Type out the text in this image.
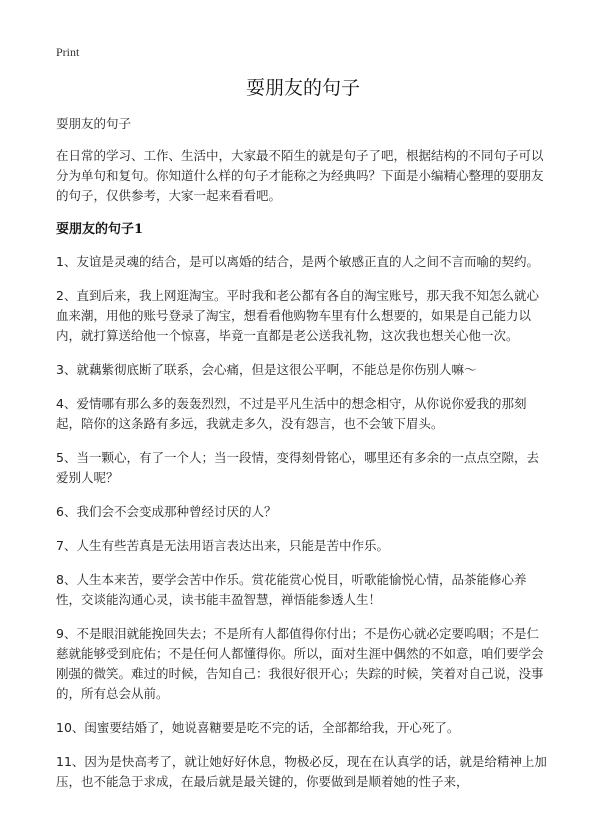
Print
耍朋友的句子
耍朋友的句子
在日常的学习、工作、生活中，大家最不陌生的就是句子了吧，根据结构的不同句子可以分为单句和复句。你知道什么样的句子才能称之为经典吗？下面是小编精心整理的耍朋友的句子，仅供参考，大家一起来看看吧。
耍朋友的句子1
1、友谊是灵魂的结合，是可以离婚的结合，是两个敏感正直的人之间不言而喻的契约。
2、直到后来，我上网逛淘宝。平时我和老公都有各自的淘宝账号，那天我不知怎么就心血来潮，用他的账号登录了淘宝，想看看他购物车里有什么想要的，如果是自己能力以内，就打算送给他一个惊喜，毕竟一直都是老公送我礼物，这次我也想关心他一次。
3、就藕紫彻底断了联系，会心痛，但是这很公平啊，不能总是你伤别人嘛～
4、爱情哪有那么多的轰轰烈烈，不过是平凡生活中的想念相守，从你说你爱我的那刻起，陪你的这条路有多远，我就走多久，没有怨言，也不会皱下眉头。
5、当一颗心，有了一个人；当一段情，变得刻骨铭心，哪里还有多余的一点点空隙，去爱别人呢？
6、我们会不会变成那种曾经讨厌的人？
7、人生有些苦真是无法用语言表达出来，只能是苦中作乐。
8、人生本来苦，要学会苦中作乐。赏花能赏心悦目，听歌能愉悦心情，品茶能修心养性，交谈能沟通心灵，读书能丰盈智慧，禅悟能参透人生！
9、不是眼泪就能挽回失去；不是所有人都值得你付出；不是伤心就必定要呜咽；不是仁慈就能够受到庇佑；不是任何人都懂得你。所以，面对生涯中偶然的不如意，咱们要学会刚强的微笑。难过的时候，告知自己：我很好很开心；失踪的时候，笑着对自己说，没事的，所有总会从前。
10、闺蜜要结婚了，她说喜糖要是吃不完的话，全部都给我，开心死了。
11、因为是快高考了，就让她好好休息，物极必反，现在在认真学的话，就是给精神上加压，也不能急于求成，在最后就是最关键的，你要做到是顺着她的性子来，
